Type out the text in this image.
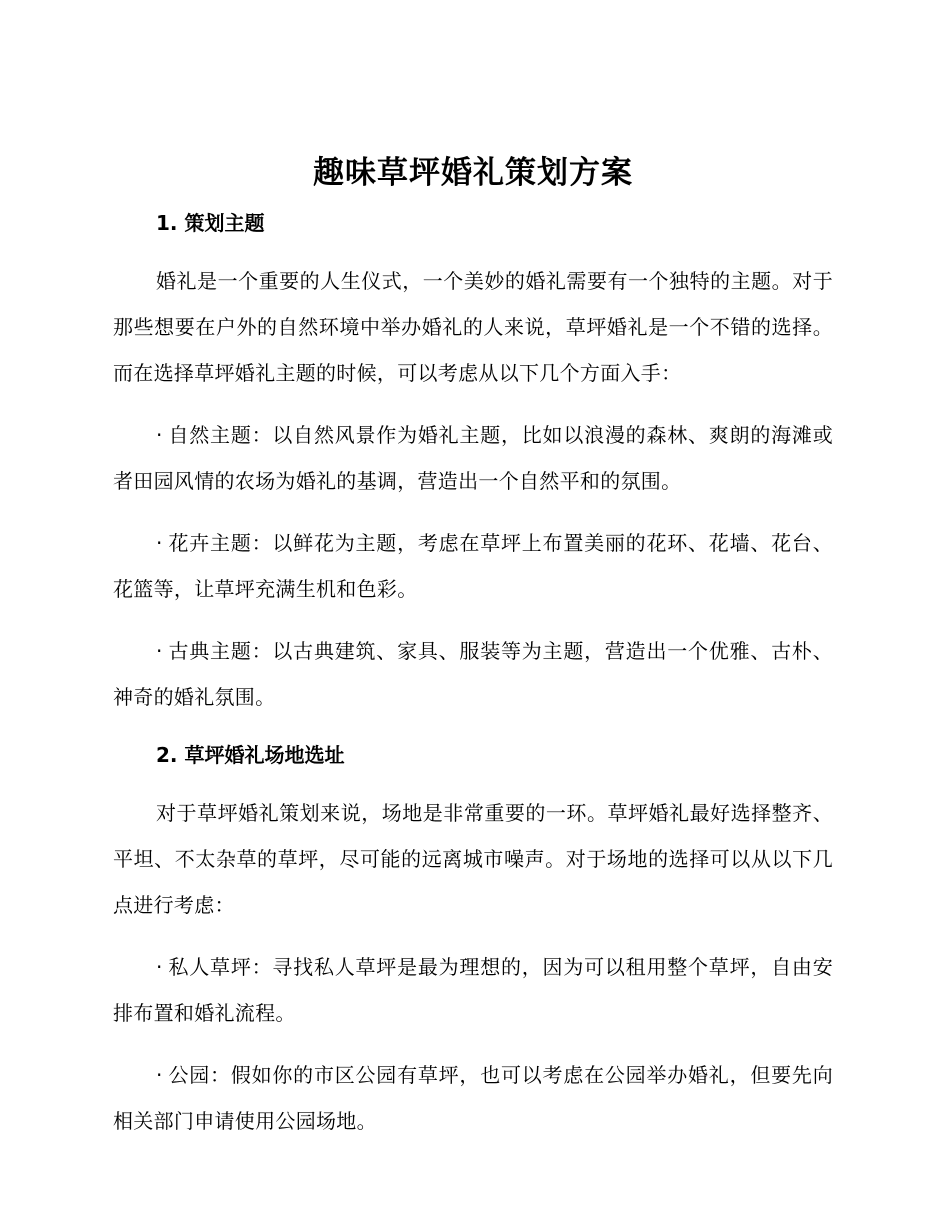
趣味草坪婚礼策划方案
1. 策划主题

婚礼是一个重要的人生仪式，一个美妙的婚礼需要有一个独特的主题。对于那些想要在户外的自然环境中举办婚礼的人来说，草坪婚礼是一个不错的选择。而在选择草坪婚礼主题的时候，可以考虑从以下几个方面入手：

· 自然主题：以自然风景作为婚礼主题，比如以浪漫的森林、爽朗的海滩或者田园风情的农场为婚礼的基调，营造出一个自然平和的氛围。

· 花卉主题：以鲜花为主题，考虑在草坪上布置美丽的花环、花墙、花台、花篮等，让草坪充满生机和色彩。

· 古典主题：以古典建筑、家具、服装等为主题，营造出一个优雅、古朴、神奇的婚礼氛围。

2. 草坪婚礼场地选址

对于草坪婚礼策划来说，场地是非常重要的一环。草坪婚礼最好选择整齐、平坦、不太杂草的草坪，尽可能的远离城市噪声。对于场地的选择可以从以下几点进行考虑：

· 私人草坪：寻找私人草坪是最为理想的，因为可以租用整个草坪，自由安排布置和婚礼流程。

· 公园：假如你的市区公园有草坪，也可以考虑在公园举办婚礼，但要先向相关部门申请使用公园场地。
